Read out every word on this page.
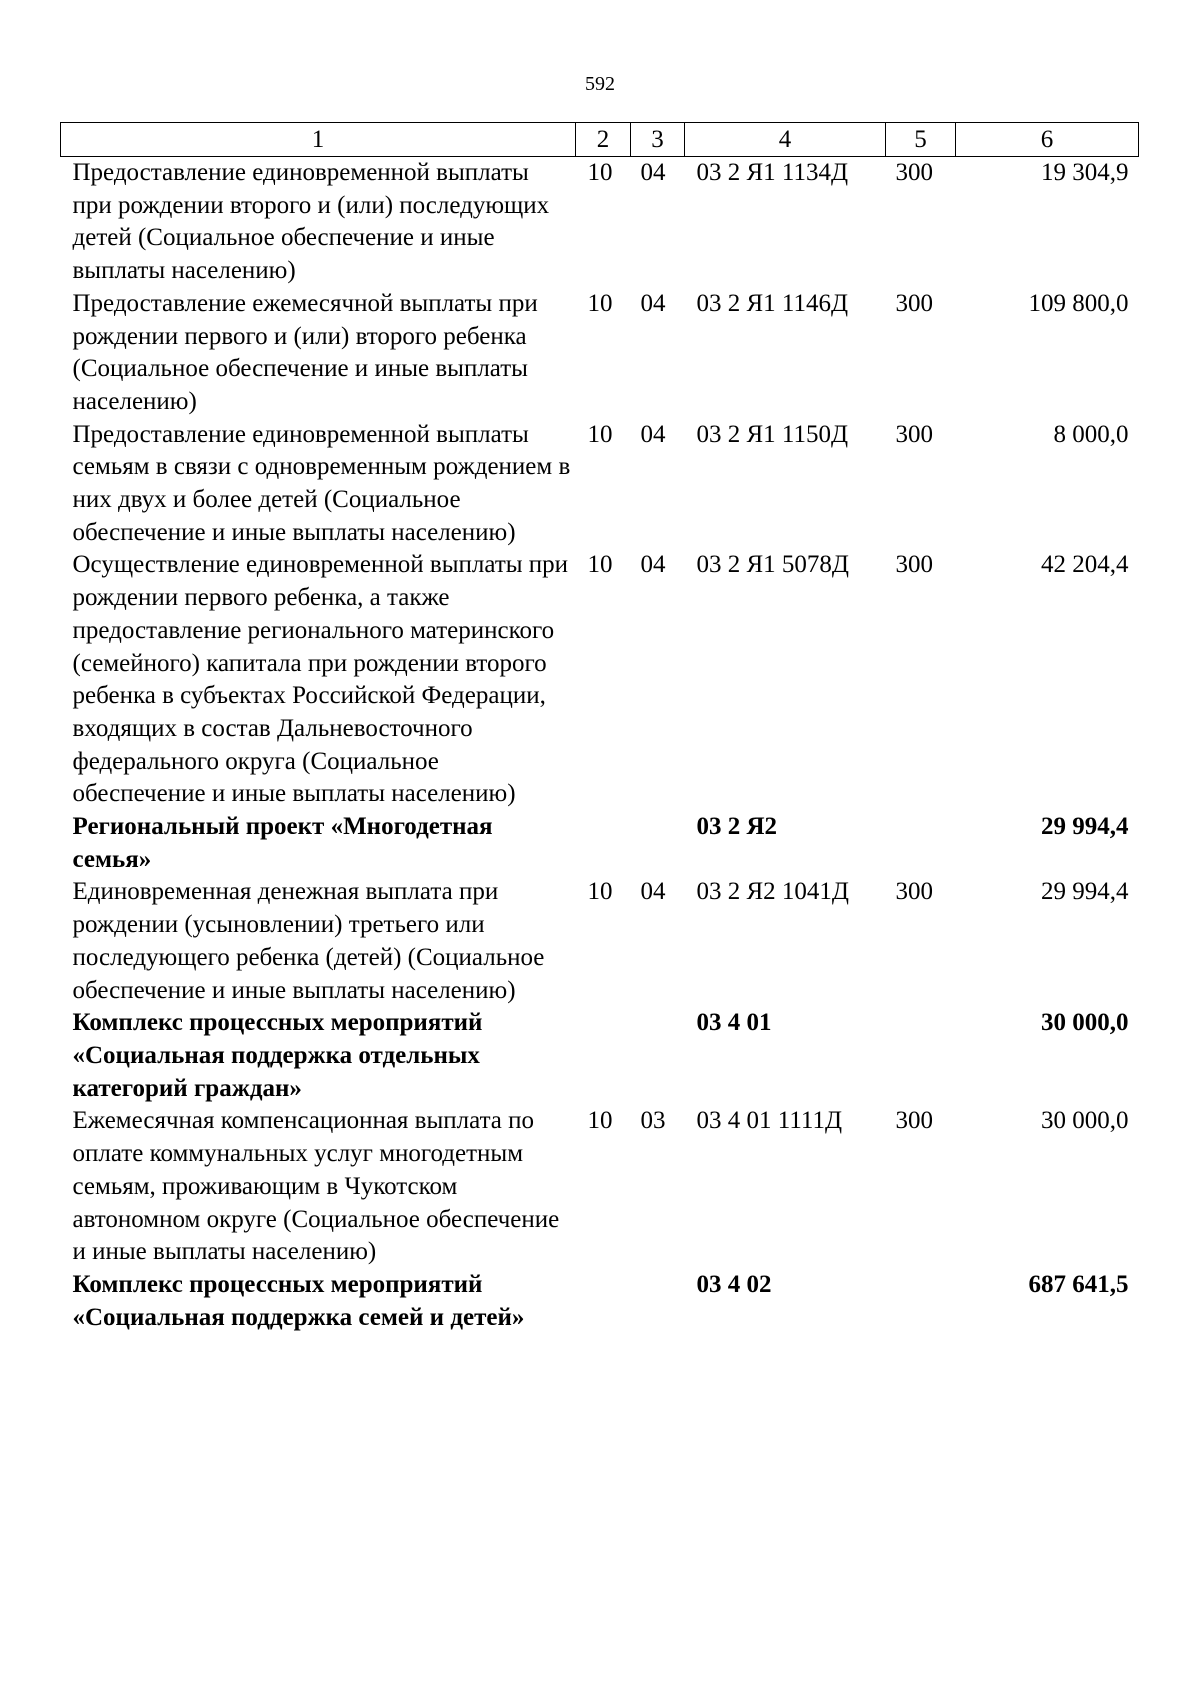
592
1	2	3	4	5	6
Предоставление единовременной выплаты при рождении второго и (или) последующих детей (Социальное обеспечение и иные выплаты населению)	10	04	03 2 Я1 1134Д	300	19 304,9
Предоставление ежемесячной выплаты при рождении первого и (или) второго ребенка (Социальное обеспечение и иные выплаты населению)	10	04	03 2 Я1 1146Д	300	109 800,0
Предоставление единовременной выплаты семьям в связи с одновременным рождением в них двух и более детей (Социальное обеспечение и иные выплаты населению)	10	04	03 2 Я1 1150Д	300	8 000,0
Осуществление единовременной выплаты при рождении первого ребенка, а также предоставление регионального материнского (семейного) капитала при рождении второго ребенка в субъектах Российской Федерации, входящих в состав Дальневосточного федерального округа (Социальное обеспечение и иные выплаты населению)	10	04	03 2 Я1 5078Д	300	42 204,4
Региональный проект «Многодетная семья»			03 2 Я2		29 994,4
Единовременная денежная выплата при рождении (усыновлении) третьего или последующего ребенка (детей) (Социальное обеспечение и иные выплаты населению)	10	04	03 2 Я2 1041Д	300	29 994,4
Комплекс процессных мероприятий «Социальная поддержка отдельных категорий граждан»			03 4 01		30 000,0
Ежемесячная компенсационная выплата по оплате коммунальных услуг многодетным семьям, проживающим в Чукотском автономном округе (Социальное обеспечение и иные выплаты населению)	10	03	03 4 01 1111Д	300	30 000,0
Комплекс процессных мероприятий «Социальная поддержка семей и детей»			03 4 02		687 641,5
